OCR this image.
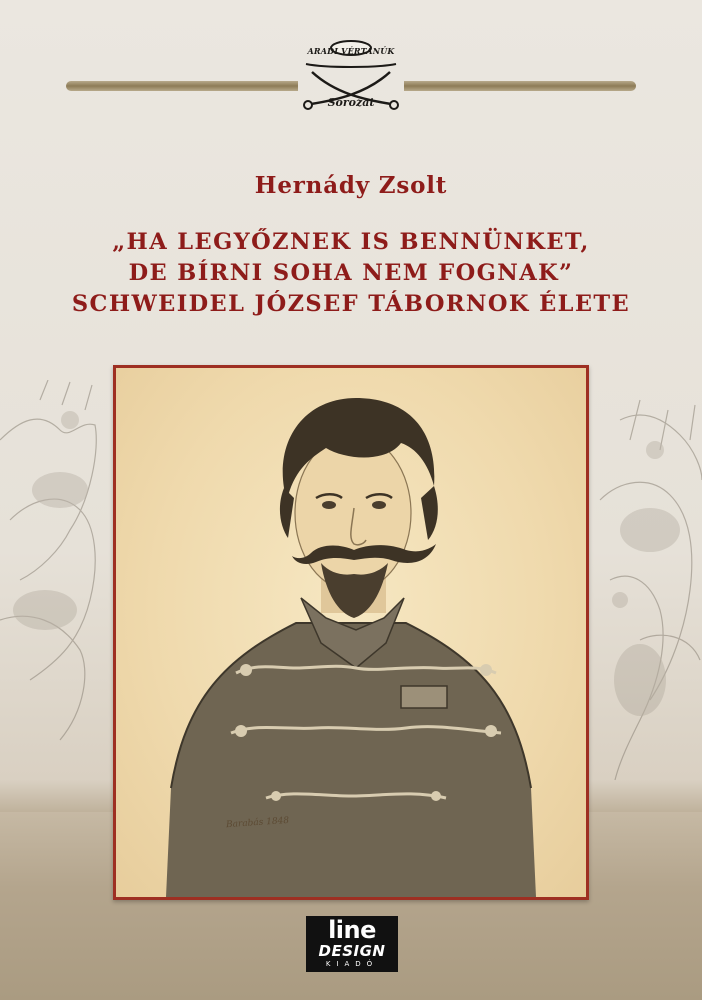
ARADI VÉRTANÚK
Sorozat
Hernády Zsolt
„HA LEGYŐZNEK IS BENNÜNKET,
DE BÍRNI SOHA NEM FOGNAK”
SCHWEIDEL JÓZSEF TÁBORNOK ÉLETE
Barabás 1848
line
DESIGN
KIADÓ
